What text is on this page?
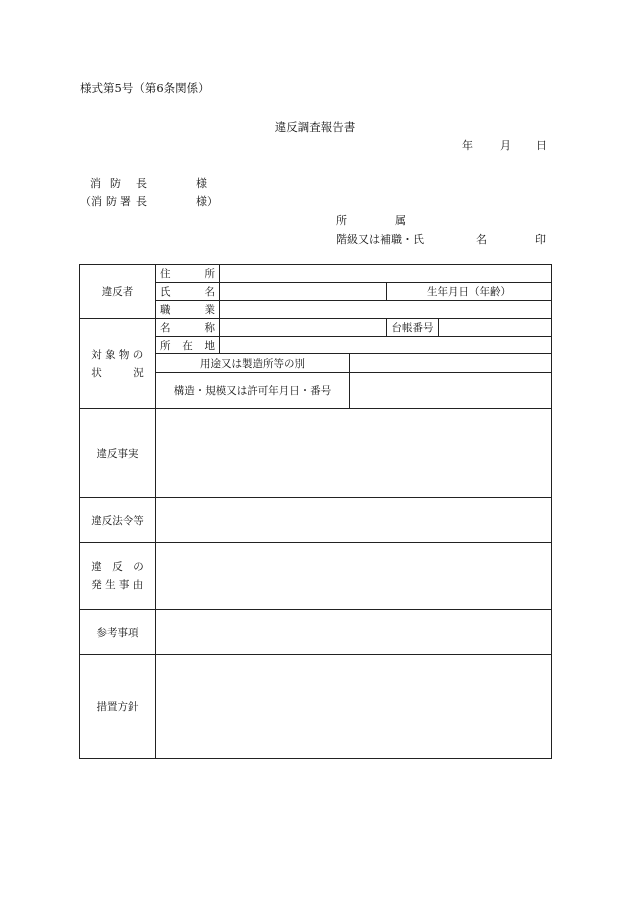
様式第5号（第6条関係）
違反調査報告書
年 月 日
消 防 長	様
（消 防 署 長	様）
所	属
階級又は補職・氏	名	印
違反者	住 所					

	氏 名			生年月日（年齢）		

	職 業					

対 象 物 の
状　　　況	名 称			台帳番号		

	所 在 地					

	用途又は製造所等の別					
	構造・規模又は許可年月日・番号					
違反事実						
違反法令等						
違　反　の
発 生 事 由						
参考事項						
措置方針						
